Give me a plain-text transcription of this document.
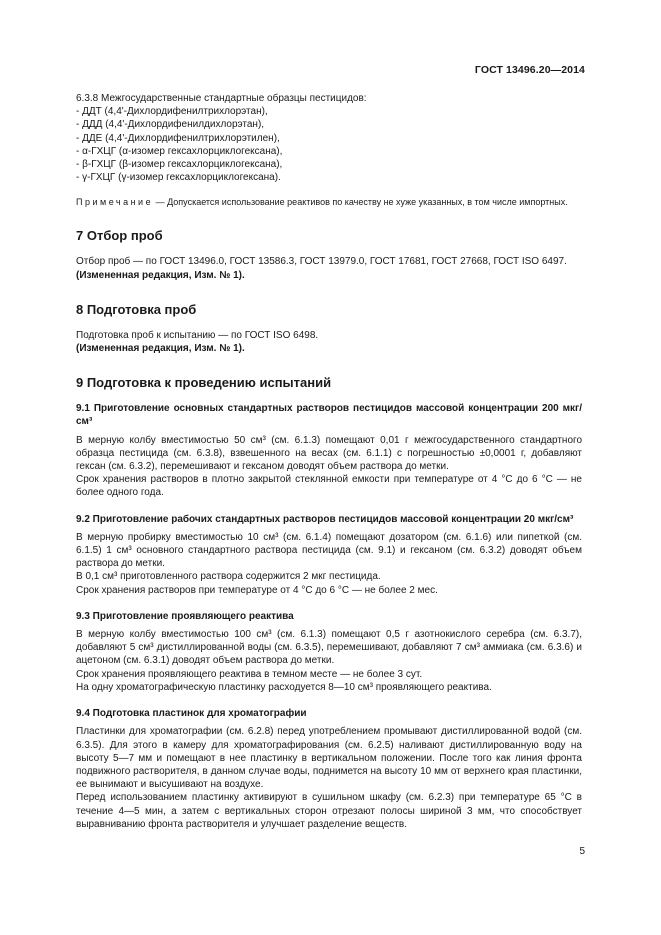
ГОСТ 13496.20—2014

6.3.8 Межгосударственные стандартные образцы пестицидов:

- ДДТ (4,4'-Дихлордифенилтрихлорэтан),

- ДДД (4,4'-Дихлордифенилдихлорэтан),

- ДДЕ (4,4'-Дихлордифенилтрихлорэтилен),

- α-ГХЦГ (α-изомер гексахлорциклогексана),

- β-ГХЦГ (β-изомер гексахлорциклогексана),

- γ-ГХЦГ (γ-изомер гексахлорциклогексана).

Примечание — Допускается использование реактивов по качеству не хуже указанных, в том числе импортных.

7 Отбор проб

Отбор проб — по ГОСТ 13496.0, ГОСТ 13586.3, ГОСТ 13979.0, ГОСТ 17681, ГОСТ 27668, ГОСТ ISO 6497.

(Измененная редакция, Изм. № 1).

8 Подготовка проб

Подготовка проб к испытанию — по ГОСТ ISO 6498.

(Измененная редакция, Изм. № 1).

9 Подготовка к проведению испытаний
9.1 Приготовление основных стандартных растворов пестицидов массовой концентрации 200 мкг/см³

В мерную колбу вместимостью 50 см³ (см. 6.1.3) помещают 0,01 г межгосударственного стандартного образца пестицида (см. 6.3.8), взвешенного на весах (см. 6.1.1) с погрешностью ±0,0001 г, добавляют гексан (см. 6.3.2), перемешивают и гексаном доводят объем раствора до метки.

Срок хранения растворов в плотно закрытой стеклянной емкости при температуре от 4 °С до 6 °С — не более одного года.

9.2 Приготовление рабочих стандартных растворов пестицидов массовой концентрации 20 мкг/см³

В мерную пробирку вместимостью 10 см³ (см. 6.1.4) помещают дозатором (см. 6.1.6) или пипеткой (см. 6.1.5) 1 см³ основного стандартного раствора пестицида (см. 9.1) и гексаном (см. 6.3.2) доводят объем раствора до метки.

В 0,1 см³ приготовленного раствора содержится 2 мкг пестицида.

Срок хранения растворов при температуре от 4 °С до 6 °С — не более 2 мес.

9.3 Приготовление проявляющего реактива

В мерную колбу вместимостью 100 см³ (см. 6.1.3) помещают 0,5 г азотнокислого серебра (см. 6.3.7), добавляют 5 см³ дистиллированной воды (см. 6.3.5), перемешивают, добавляют 7 см³ аммиака (см. 6.3.6) и ацетоном (см. 6.3.1) доводят объем раствора до метки.

Срок хранения проявляющего реактива в темном месте — не более 3 сут.

На одну хроматографическую пластинку расходуется 8—10 см³ проявляющего реактива.

9.4 Подготовка пластинок для хроматографии

Пластинки для хроматографии (см. 6.2.8) перед употреблением промывают дистиллированной водой (см. 6.3.5). Для этого в камеру для хроматографирования (см. 6.2.5) наливают дистиллированную воду на высоту 5—7 мм и помещают в нее пластинку в вертикальном положении. После того как линия фронта подвижного растворителя, в данном случае воды, поднимется на высоту 10 мм от верхнего края пластинки, ее вынимают и высушивают на воздухе.

Перед использованием пластинку активируют в сушильном шкафу (см. 6.2.3) при температуре 65 °С в течение 4—5 мин, а затем с вертикальных сторон отрезают полосы шириной 3 мм, что способствует выравниванию фронта растворителя и улучшает разделение веществ.

5
